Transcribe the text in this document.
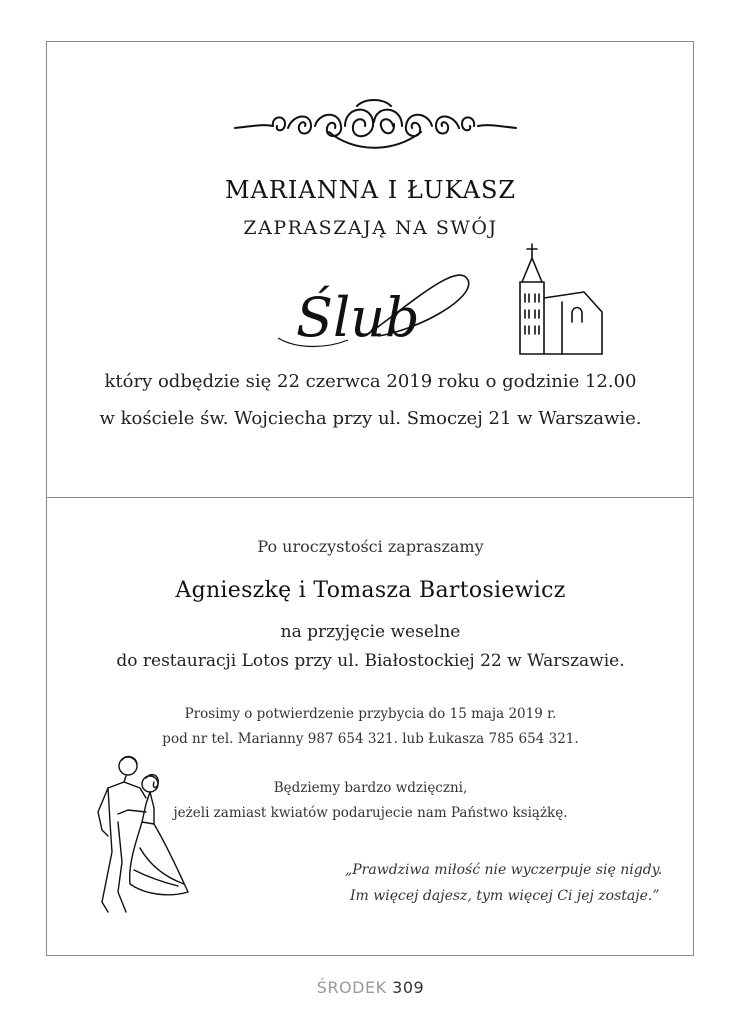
MARIANNA I ŁUKASZ
ZAPRASZAJĄ NA SWÓJ
Ślub
który odbędzie się 22 czerwca 2019 roku o godzinie 12.00
w kościele św. Wojciecha przy ul. Smoczej 21 w Warszawie.
Po uroczystości zapraszamy
Agnieszkę i Tomasza Bartosiewicz
na przyjęcie weselne
do restauracji Lotos przy ul. Białostockiej 22 w Warszawie.
Prosimy o potwierdzenie przybycia do 15 maja 2019 r.
pod nr tel. Marianny 987 654 321. lub Łukasza 785 654 321.
Będziemy bardzo wdzięczni,
jeżeli zamiast kwiatów podarujecie nam Państwo książkę.
„Prawdziwa miłość nie wyczerpuje się nigdy.
Im więcej dajesz, tym więcej Ci jej zostaje.”
ŚRODEK 309
